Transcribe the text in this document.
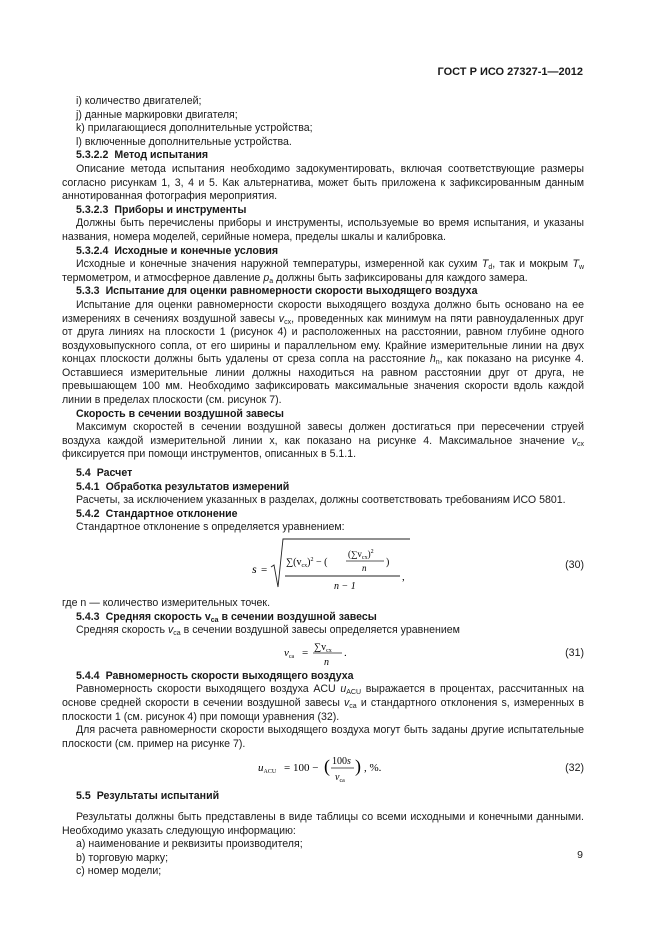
ГОСТ Р ИСО 27327-1—2012

i) количество двигателей;

j) данные маркировки двигателя;

k) прилагающиеся дополнительные устройства;

l) включенные дополнительные устройства.

5.3.2.2 Метод испытания

Описание метода испытания необходимо задокументировать, включая соответствующие размеры согласно рисункам 1, 3, 4 и 5. Как альтернатива, может быть приложена к зафиксированным данным аннотированная фотография мероприятия.

5.3.2.3 Приборы и инструменты

Должны быть перечислены приборы и инструменты, используемые во время испытания, и указаны названия, номера моделей, серийные номера, пределы шкалы и калибровка.

5.3.2.4 Исходные и конечные условия

Исходные и конечные значения наружной температуры, измеренной как сухим $T_d$, так и мокрым $T_w$ термометром, и атмосферное давление $p_a$ должны быть зафиксированы для каждого замера.

5.3.3 Испытание для оценки равномерности скорости выходящего воздуха

Испытание для оценки равномерности скорости выходящего воздуха должно быть основано на ее измерениях в сечениях воздушной завесы $v_{cx}$, проведенных как минимум на пяти равноудаленных друг от друга линиях на плоскости 1 (рисунок 4) и расположенных на расстоянии, равном глубине одного воздуховыпускного сопла, от его ширины и параллельном ему. Крайние измерительные линии на двух концах плоскости должны быть удалены от среза сопла на расстояние $h_n$, как показано на рисунке 4. Оставшиеся измерительные линии должны находиться на равном расстоянии друг от друга, не превышающем 100 мм. Необходимо зафиксировать максимальные значения скорости вдоль каждой линии в пределах плоскости (см. рисунок 7).

Скорость в сечении воздушной завесы

Максимум скоростей в сечении воздушной завесы должен достигаться при пересечении струей воздуха каждой измерительной линии x, как показано на рисунке 4. Максимальное значение $v_{cx}$ фиксируется при помощи инструментов, описанных в 5.1.1.

5.4 Расчет

5.4.1 Обработка результатов измерений

Расчеты, за исключением указанных в разделах, должны соответствовать требованиям ИСО 5801.

5.4.2 Стандартное отклонение

Стандартное отклонение s определяется уравнением:

s =
$\sum(v_{cx})^2$ − (
$(\sum v_{cx})^2$
n )
n − 1
,
(30)

где n — количество измерительных точек.

5.4.3 Средняя скорость $v_{ca}$ в сечении воздушной завесы

Средняя скорость $v_{ca}$ в сечении воздушной завесы определяется уравнением

vca = $\sum v_{cx}$
n
.	(31)

5.4.4 Равномерность скорости выходящего воздуха

Равномерность скорости выходящего воздуха ACU $u_{ACU}$ выражается в процентах, рассчитанных на основе средней скорости в сечении воздушной завесы $v_{ca}$ и стандартного отклонения s, измеренных в плоскости 1 (см. рисунок 4) при помощи уравнения (32).

Для расчета равномерности скорости выходящего воздуха могут быть заданы другие испытательные плоскости (см. пример на рисунке 7).

uACU = 100 − ( 100s
$v_{ca}$
) , %.	(32)

5.5 Результаты испытаний

Результаты должны быть представлены в виде таблицы со всеми исходными и конечными данными. Необходимо указать следующую информацию:

a) наименование и реквизиты производителя;

b) торговую марку;

c) номер модели;

9
